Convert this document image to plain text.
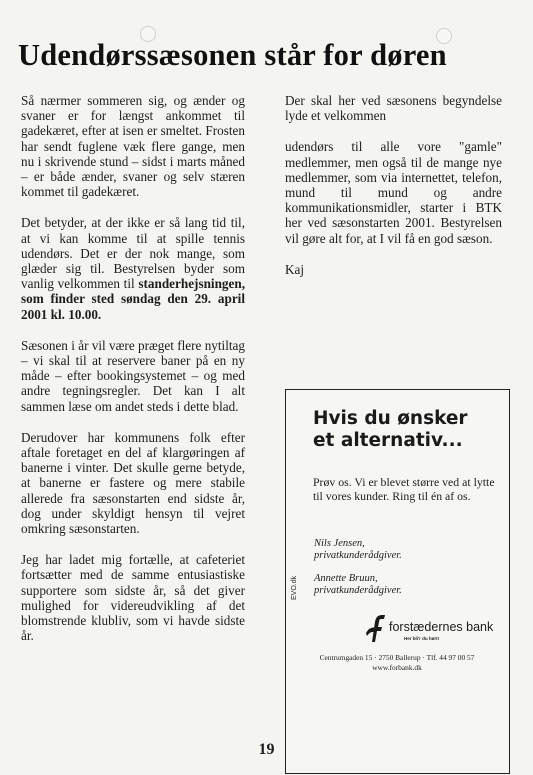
Udendørssæsonen står for døren

Så nærmer sommeren sig, og ænder og svaner er for længst ankommet til gadekæret, efter at isen er smeltet. Frosten har sendt fuglene væk flere gange, men nu i skrivende stund – sidst i marts måned – er både ænder, svaner og selv stæren kommet til gadekæret.

Det betyder, at der ikke er så lang tid til, at vi kan komme til at spille tennis udendørs. Det er der nok mange, som glæder sig til. Bestyrelsen byder som vanlig velkommen til standerhejsningen, som finder sted søndag den 29. april 2001 kl. 10.00.

Sæsonen i år vil være præget flere nytiltag – vi skal til at reservere baner på en ny måde – efter bookingsystemet – og med andre tegningsregler. Det kan I alt sammen læse om andet steds i dette blad.

Derudover har kommunens folk efter aftale foretaget en del af klargøringen af banerne i vinter. Det skulle gerne betyde, at banerne er fastere og mere stabile allerede fra sæsonstarten end sidste år, dog under skyldigt hensyn til vejret omkring sæsonstarten.

Jeg har ladet mig fortælle, at cafeteriet fortsætter med de samme entusiastiske supportere som sidste år, så det giver mulighed for videreudvikling af det blomstrende klubliv, som vi havde sidste år.

Der skal her ved sæsonens begyndelse lyde et velkommen

udendørs til alle vore "gamle" medlemmer, men også til de mange nye medlemmer, som via internettet, telefon, mund til mund og andre kommunikationsmidler, starter i BTK her ved sæsonstarten 2001. Bestyrelsen vil gøre alt for, at I vil få en god sæson.

Kaj

Hvis du ønsker
et alternativ...
Prøv os. Vi er blevet større ved at lytte til vores kunder. Ring til én af os.
Nils Jensen,
privatkunderådgiver.
Annette Bruun,
privatkunderådgiver.
EVO.dk
forstædernes bank
Her bli'r du hørt!
Centrumgaden 15 · 2750 Ballerup · Tlf. 44 97 00 57
www.forbank.dk
19
